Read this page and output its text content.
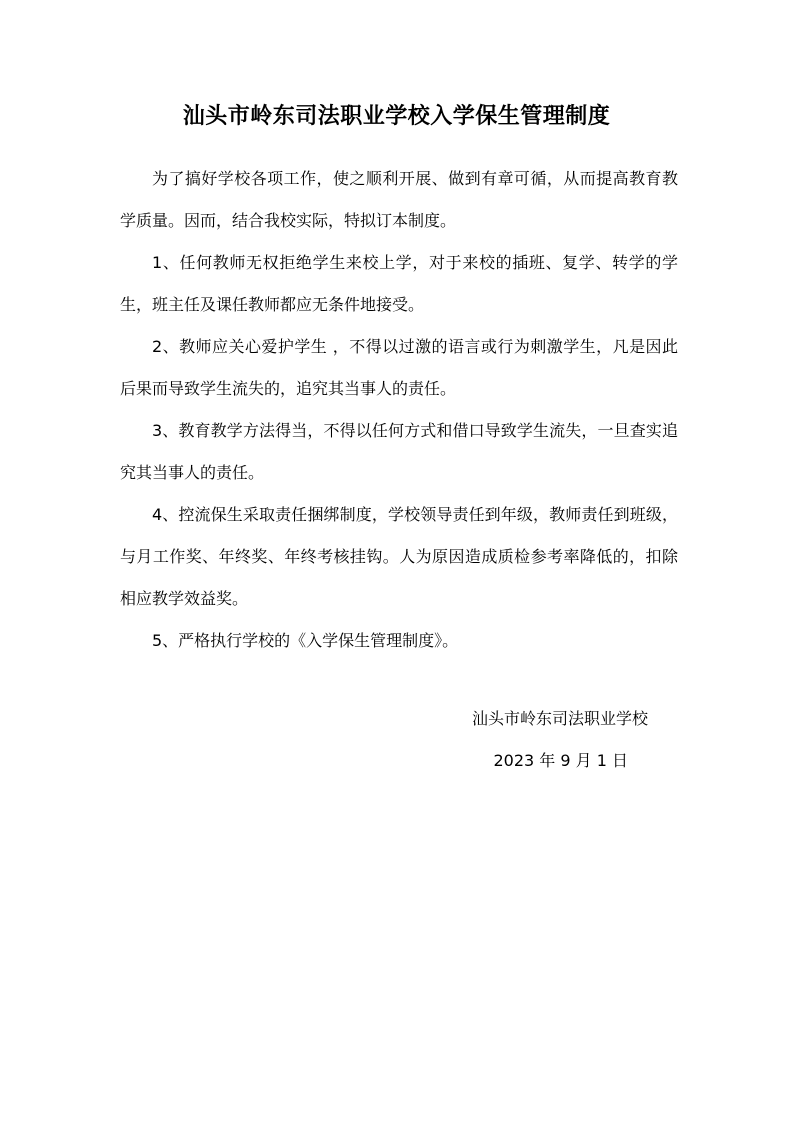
汕头市岭东司法职业学校入学保生管理制度

为了搞好学校各项工作，使之顺利开展、做到有章可循，从而提高教育教学质量。因而，结合我校实际，特拟订本制度。

1、任何教师无权拒绝学生来校上学，对于来校的插班、复学、转学的学生，班主任及课任教师都应无条件地接受。

2、教师应关心爱护学生 ，不得以过激的语言或行为刺激学生，凡是因此后果而导致学生流失的，追究其当事人的责任。

3、教育教学方法得当，不得以任何方式和借口导致学生流失，一旦查实追究其当事人的责任。

4、控流保生采取责任捆绑制度，学校领导责任到年级，教师责任到班级，与月工作奖、年终奖、年终考核挂钩。人为原因造成质检参考率降低的，扣除相应教学效益奖。

5、严格执行学校的《入学保生管理制度》。

汕头市岭东司法职业学校

2023 年 9 月 1 日
